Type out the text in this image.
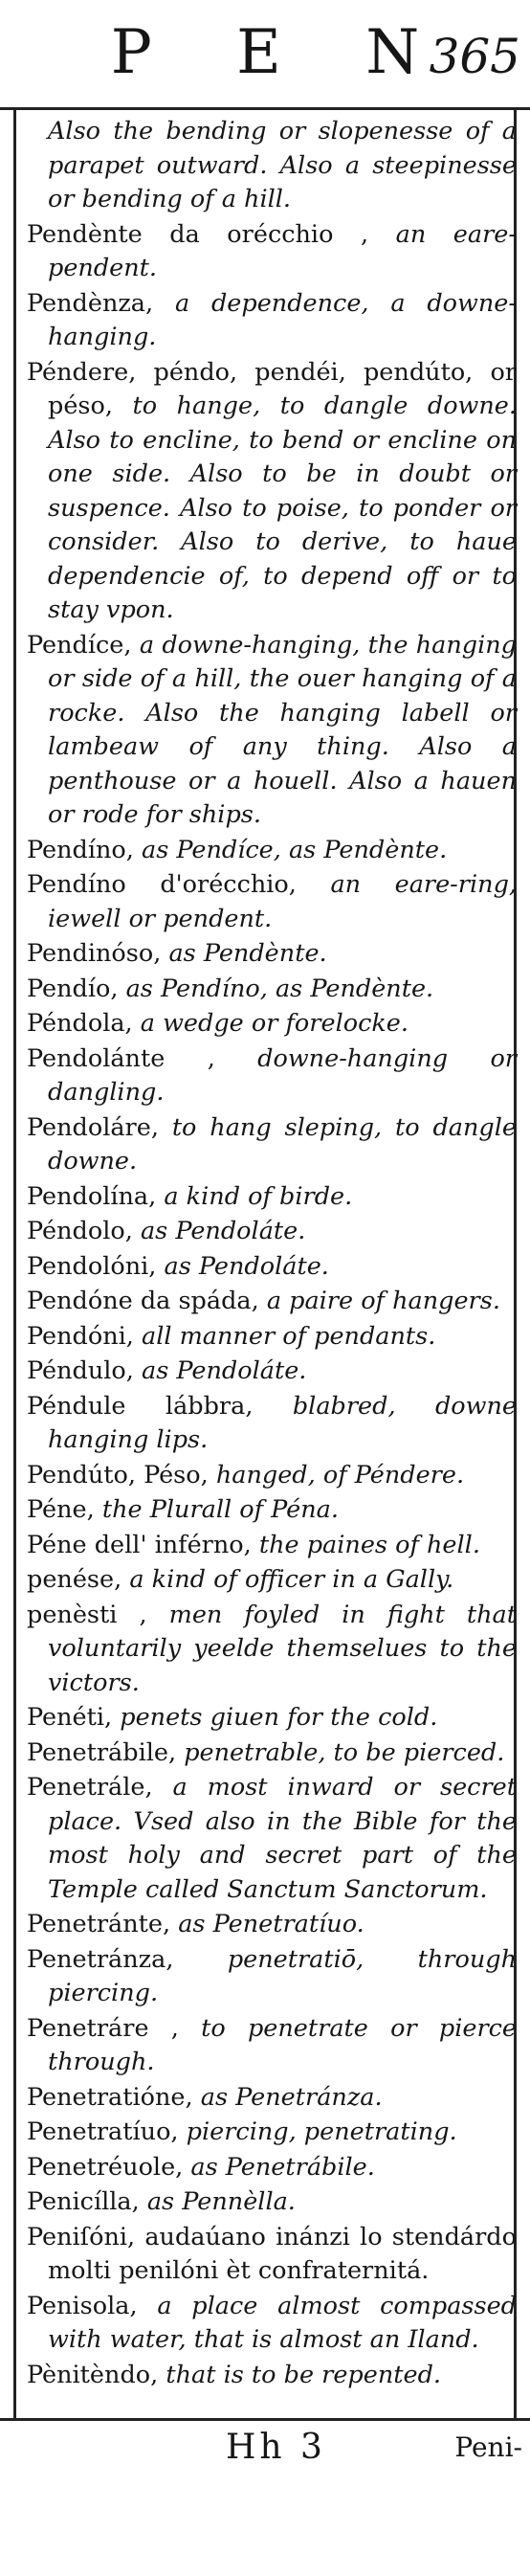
P E N
365
Also the bending or slopenesse of a parapet outward. Also a steepinesse or bending of a hill.
Pendènte da orécchio , an eare-pendent.
Pendènza, a dependence, a downe-hanging.
Péndere, péndo, pendéi, pendúto, or péso, to hange, to dangle downe. Also to encline, to bend or encline on one side. Also to be in doubt or suspence. Also to poise, to ponder or consider. Also to derive, to haue dependencie of, to depend off or to stay vpon.
Pendíce, a downe-hanging, the hanging or side of a hill, the ouer hanging of a rocke. Also the hanging labell or lambeaw of any thing. Also a penthouse or a houell. Also a hauen or rode for ships.
Pendíno, as Pendíce, as Pendènte.
Pendíno d'orécchio, an eare-ring, iewell or pendent.
Pendinóso, as Pendènte.
Pendío, as Pendíno, as Pendènte.
Péndola, a wedge or forelocke.
Pendolánte , downe-hanging or dangling.
Pendoláre, to hang sleping, to dangle downe.
Pendolína, a kind of birde.
Péndolo, as Pendoláte.
Pendolóni, as Pendoláte.
Pendóne da spáda, a paire of hangers.
Pendóni, all manner of pendants.
Péndulo, as Pendoláte.
Péndule lábbra, blabred, downe hanging lips.
Pendúto, Péso, hanged, of Péndere.
Péne, the Plurall of Péna.
Péne dell' inférno, the paines of hell.
penése, a kind of officer in a Gally.
penèsti , men foyled in fight that voluntarily yeelde themselues to the victors.
Penéti, penets giuen for the cold.
Penetrábile, penetrable, to be pierced.
Penetrále, a most inward or secret place. Vsed also in the Bible for the most holy and secret part of the Temple called Sanctum Sanctorum.
Penetránte, as Penetratíuo.
Penetránza, penetratiō, through piercing.
Penetráre , to penetrate or pierce through.
Penetratióne, as Penetránza.
Penetratíuo, piercing, penetrating.
Penetréuole, as Penetrábile.
Penicílla, as Pennèlla.
Peniſóni, audaúano inánzi lo stendárdo molti penilóni èt confraternitá.
Penisola, a place almost compassed with water, that is almost an Iland.
Pènitèndo, that is to be repented.
Hh 3	Peni-
